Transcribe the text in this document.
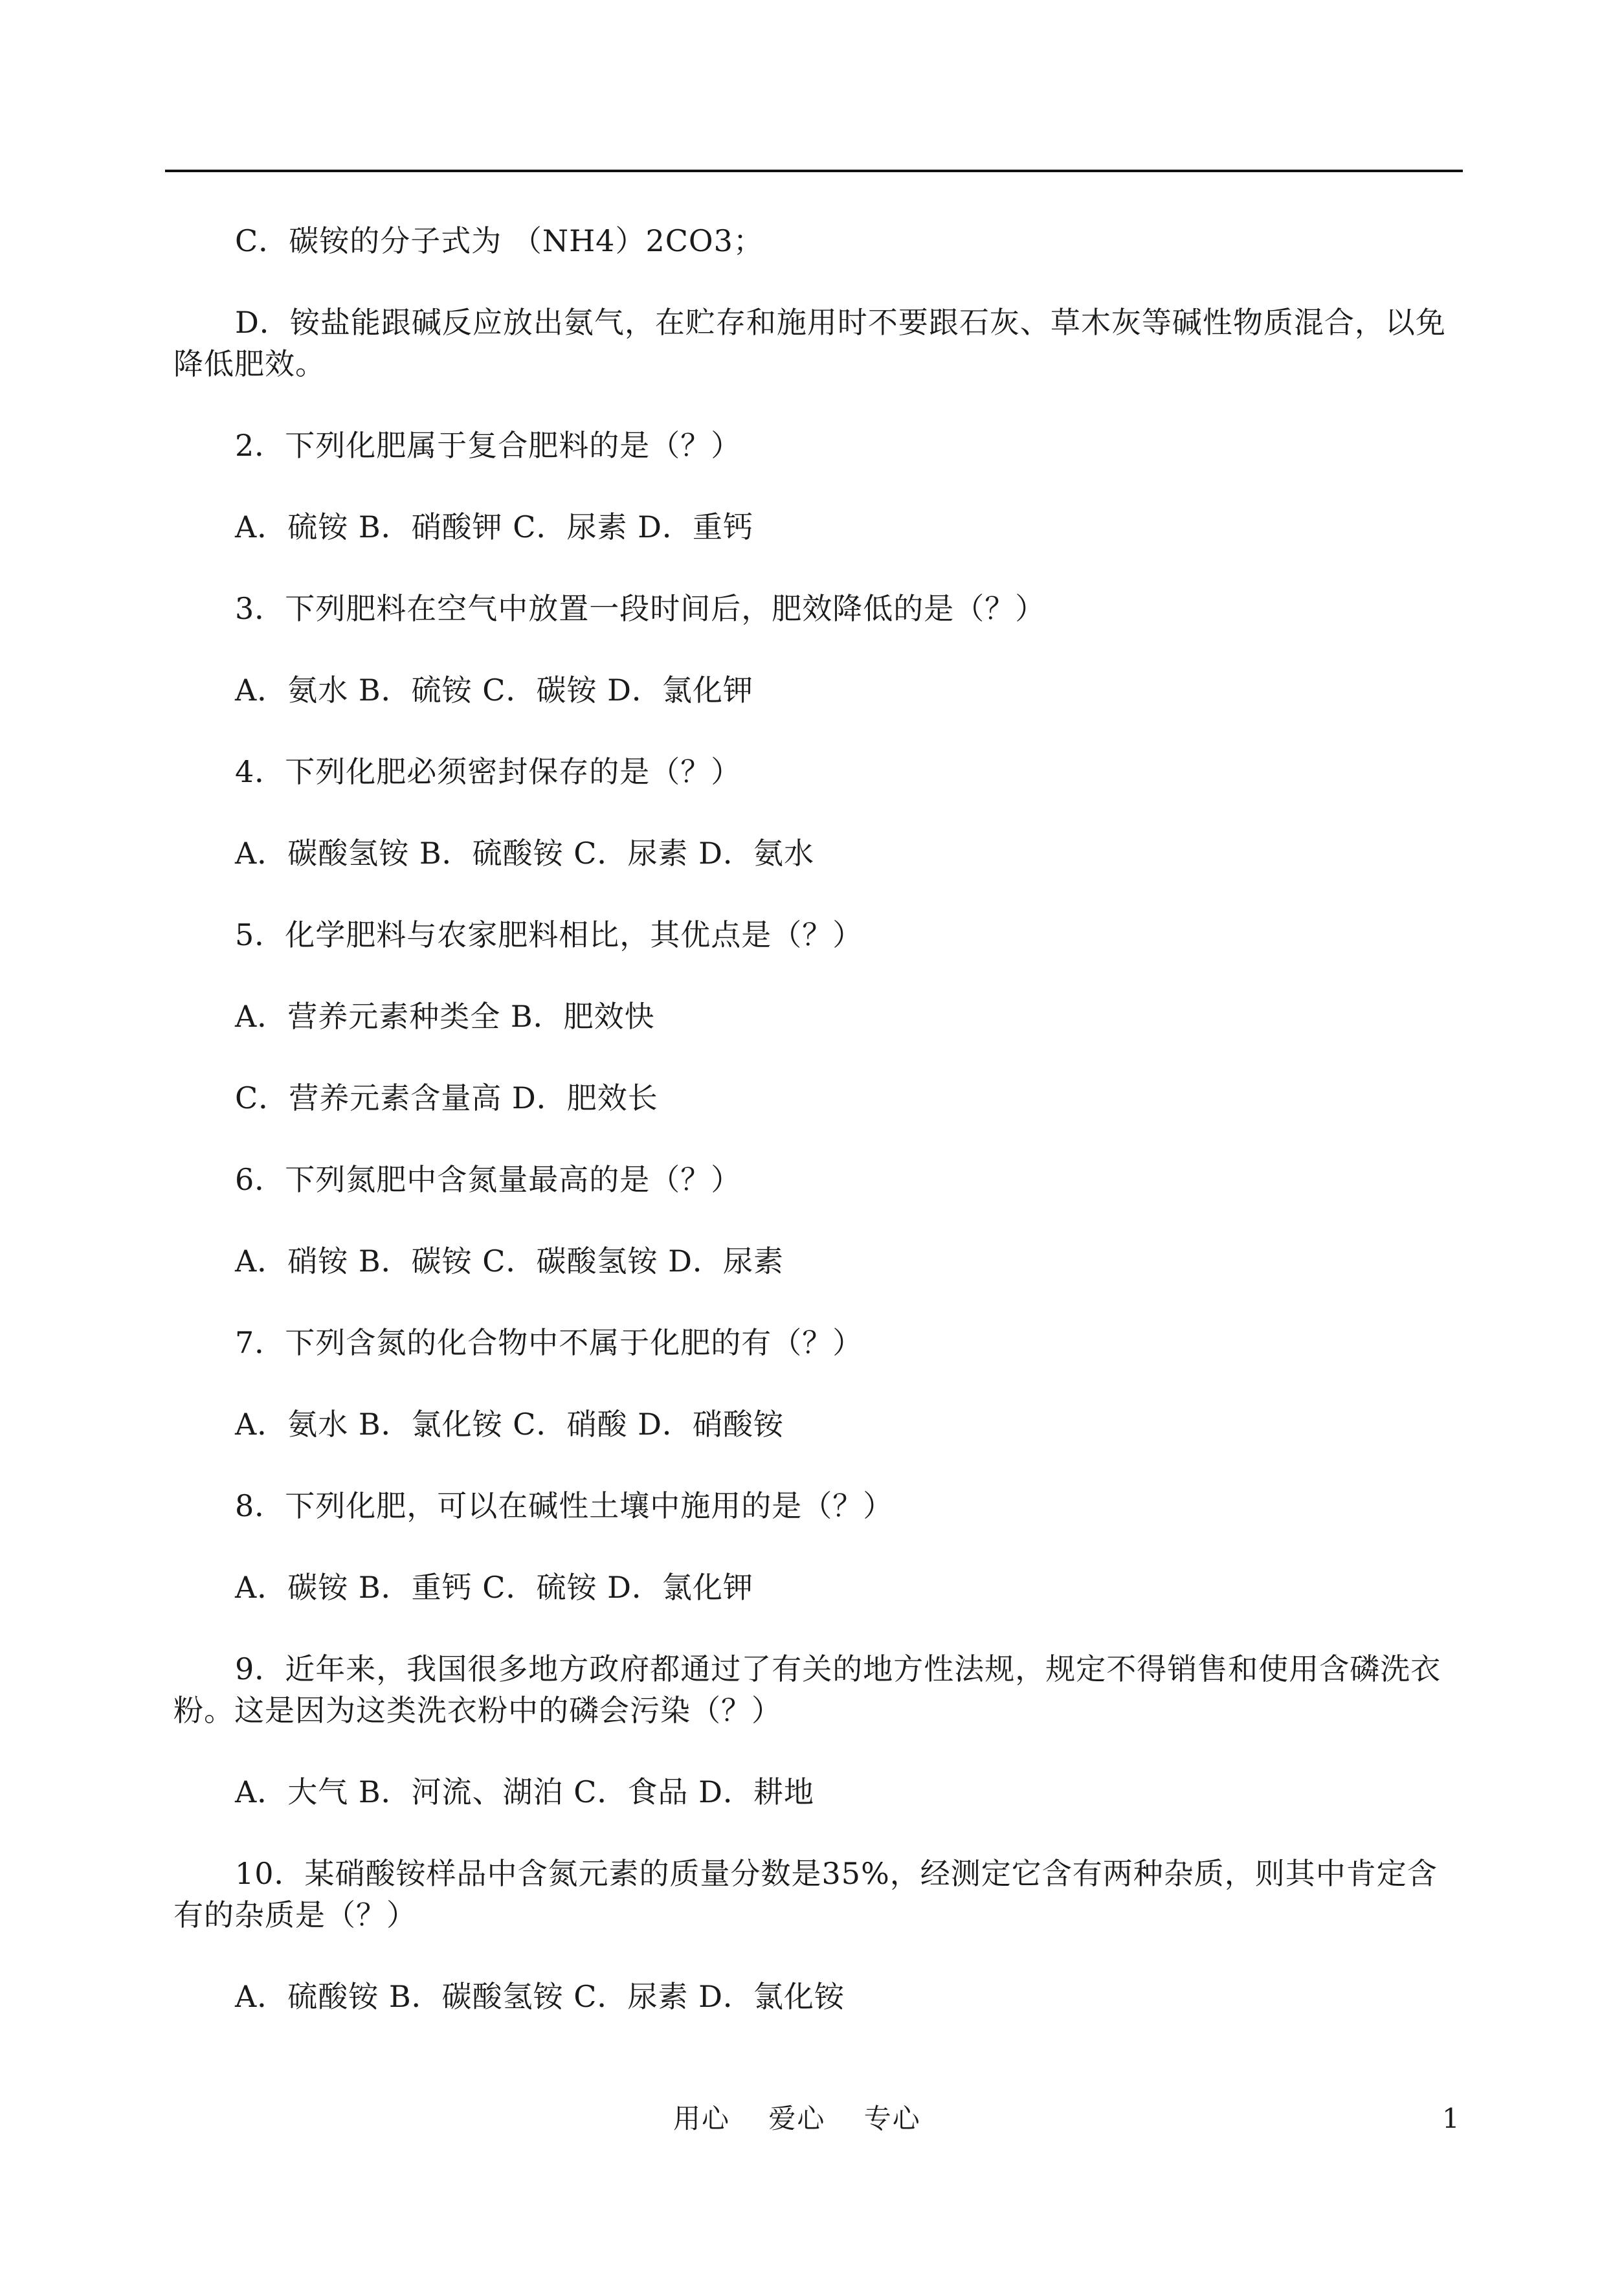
C．碳铵的分子式为 （NH4）2CO3；

D．铵盐能跟碱反应放出氨气，在贮存和施用时不要跟石灰、草木灰等碱性物质混合，以免降低肥效。

2．下列化肥属于复合肥料的是（？）

A．硫铵 B．硝酸钾 C．尿素 D．重钙

3．下列肥料在空气中放置一段时间后，肥效降低的是（？）

A．氨水 B．硫铵 C．碳铵 D．氯化钾

4．下列化肥必须密封保存的是（？）

A．碳酸氢铵 B．硫酸铵 C．尿素 D．氨水

5．化学肥料与农家肥料相比，其优点是（？）

A．营养元素种类全 B．肥效快

C．营养元素含量高 D．肥效长

6．下列氮肥中含氮量最高的是（？）

A．硝铵 B．碳铵 C．碳酸氢铵 D．尿素

7．下列含氮的化合物中不属于化肥的有（？）

A．氨水 B．氯化铵 C．硝酸 D．硝酸铵

8．下列化肥，可以在碱性土壤中施用的是（？）

A．碳铵 B．重钙 C．硫铵 D．氯化钾

9．近年来，我国很多地方政府都通过了有关的地方性法规，规定不得销售和使用含磷洗衣粉。这是因为这类洗衣粉中的磷会污染（？）

A．大气 B．河流、湖泊 C．食品 D．耕地

10．某硝酸铵样品中含氮元素的质量分数是35%，经测定它含有两种杂质，则其中肯定含有的杂质是（？）

A．硫酸铵 B．碳酸氢铵 C．尿素 D．氯化铵

用心　 爱心　 专心	1
